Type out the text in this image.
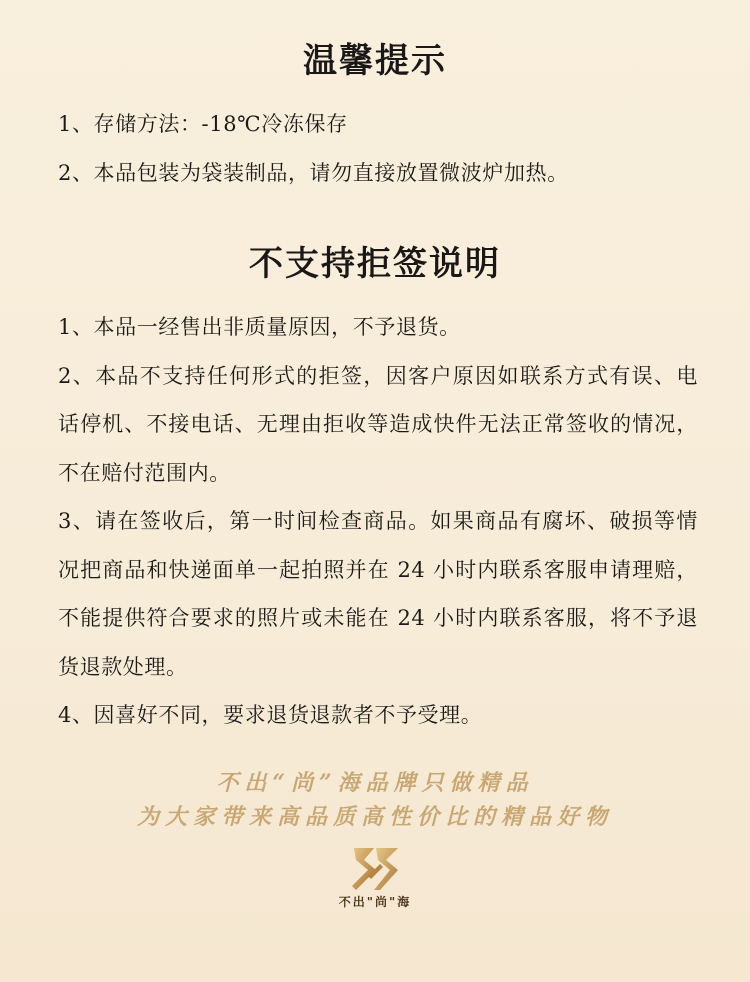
温馨提示
1、存储方法：-18℃冷冻保存
2、本品包装为袋装制品，请勿直接放置微波炉加热。
不支持拒签说明
1、本品一经售出非质量原因，不予退货。
2、本品不支持任何形式的拒签，因客户原因如联系方式有误、电话停机、不接电话、无理由拒收等造成快件无法正常签收的情况，不在赔付范围内。
3、请在签收后，第一时间检查商品。如果商品有腐坏、破损等情况把商品和快递面单一起拍照并在 24 小时内联系客服申请理赔，不能提供符合要求的照片或未能在 24 小时内联系客服，将不予退货退款处理。
4、因喜好不同，要求退货退款者不予受理。
不出“尚”海品牌只做精品
为大家带来高品质高性价比的精品好物
不出"尚"海
